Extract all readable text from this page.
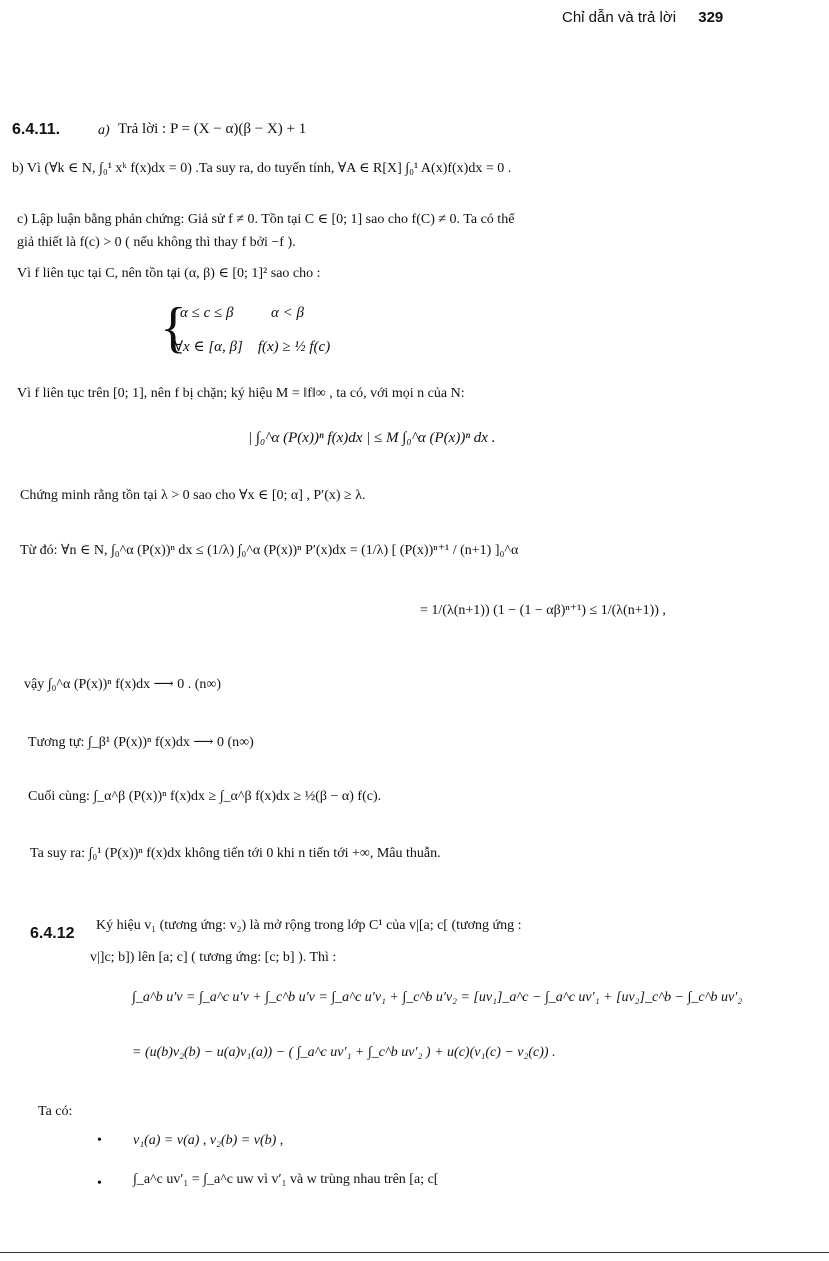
Chỉ dẫn và trả lời 329
6.4.11.	a) Trả lời : P = (X − α)(β − X) + 1
b) Vì (∀k ∈ N, ∫₀¹ xᵏ f(x)dx = 0) .Ta suy ra, do tuyến tính, ∀A ∈ R[X] ∫₀¹ A(x)f(x)dx = 0 .
c) Lập luận bằng phản chứng: Giả sử f ≠ 0. Tồn tại C ∈ [0; 1] sao cho f(C) ≠ 0. Ta có thể
giả thiết là f(c) > 0 ( nếu không thì thay f bởi −f ).
Vì f liên tục tại C, nên tồn tại (α, β) ∈ [0; 1]² sao cho :
{
α ≤ c ≤ β          α < β
∀x ∈ [α, β]    f(x) ≥ ½ f(c)
Vì f liên tục trên [0; 1], nên f bị chặn; ký hiệu M = ‖f‖∞ , ta có, với mọi n của N:
| ∫₀^α (P(x))ⁿ f(x)dx | ≤ M ∫₀^α (P(x))ⁿ dx .
Chứng minh rằng tồn tại λ > 0 sao cho ∀x ∈ [0; α] , P′(x) ≥ λ.
Từ đó: ∀n ∈ N, ∫₀^α (P(x))ⁿ dx ≤ (1/λ) ∫₀^α (P(x))ⁿ P′(x)dx = (1/λ) [ (P(x))ⁿ⁺¹ / (n+1) ]₀^α
= 1/(λ(n+1)) (1 − (1 − αβ)ⁿ⁺¹) ≤ 1/(λ(n+1)) ,
vậy ∫₀^α (P(x))ⁿ f(x)dx ⟶ 0 . (n∞)
Tương tự: ∫_β¹ (P(x))ⁿ f(x)dx ⟶ 0 (n∞)
Cuối cùng: ∫_α^β (P(x))ⁿ f(x)dx ≥ ∫_α^β f(x)dx ≥ ½(β − α) f(c).
Ta suy ra: ∫₀¹ (P(x))ⁿ f(x)dx không tiến tới 0 khi n tiến tới +∞, Mâu thuẫn.
6.4.12 Ký hiệu v₁ (tương ứng: v₂) là mở rộng trong lớp C¹ của v|[a; c[ (tương ứng :
v|]c; b]) lên [a; c] ( tương ứng: [c; b] ). Thì :
∫_a^b u′v = ∫_a^c u′v + ∫_c^b u′v = ∫_a^c u′v₁ + ∫_c^b u′v₂ = [uv₁]_a^c − ∫_a^c uv′₁ + [uv₂]_c^b − ∫_c^b uv′₂
= (u(b)v₂(b) − u(a)v₁(a)) − ( ∫_a^c uv′₁ + ∫_c^b uv′₂ ) + u(c)(v₁(c) − v₂(c)) .
Ta có:
• v₁(a) = v(a) , v₂(b) = v(b) ,
• ∫_a^c uv′₁ = ∫_a^c uw vì v′₁ và w trùng nhau trên [a; c[
